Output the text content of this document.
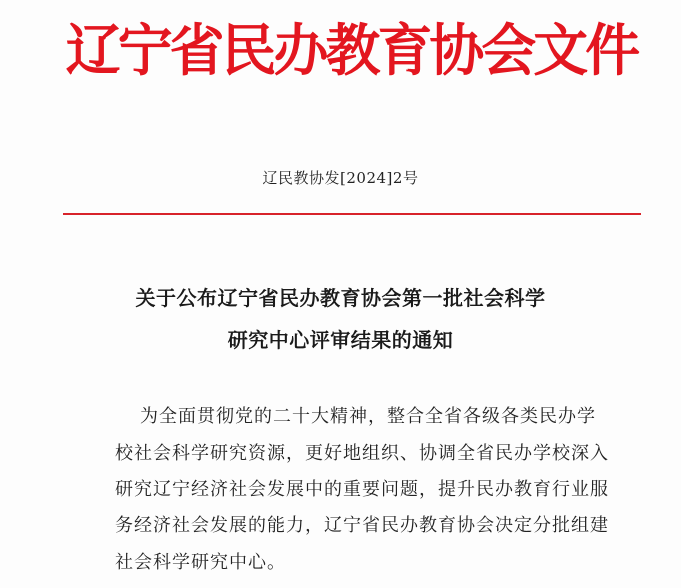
辽宁省民办教育协会文件
辽民教协发[2024]2号
关于公布辽宁省民办教育协会第一批社会科学
研究中心评审结果的通知
为全面贯彻党的二十大精神，整合全省各级各类民办学
校社会科学研究资源，更好地组织、协调全省民办学校深入
研究辽宁经济社会发展中的重要问题，提升民办教育行业服
务经济社会发展的能力，辽宁省民办教育协会决定分批组建
社会科学研究中心。
